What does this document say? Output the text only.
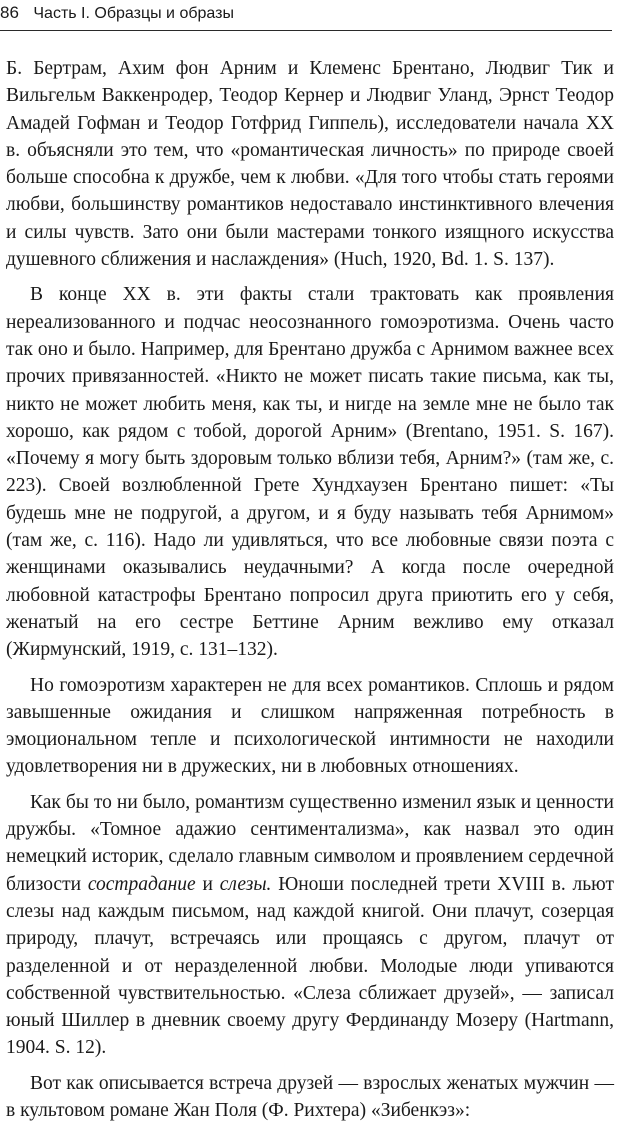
86 Часть I. Образцы и образы

Б. Бертрам, Ахим фон Арним и Клеменс Брентано, Людвиг Тик и Вильгельм Ваккенродер, Теодор Кернер и Людвиг Уланд, Эрнст Теодор Амадей Гофман и Теодор Готфрид Гиппель), исследователи начала XX в. объясняли это тем, что «романтическая личность» по природе своей больше способна к дружбе, чем к любви. «Для того чтобы стать героями любви, большинству романтиков недоставало инстинктивного влечения и силы чувств. Зато они были мастерами тонкого изящного искусства душевного сближения и наслаждения» (Huch, 1920, Bd. 1. S. 137).

В конце XX в. эти факты стали трактовать как проявления нереализованного и подчас неосознанного гомоэротизма. Очень часто так оно и было. Например, для Брентано дружба с Арнимом важнее всех прочих привязанностей. «Никто не может писать такие письма, как ты, никто не может любить меня, как ты, и нигде на земле мне не было так хорошо, как рядом с тобой, дорогой Арним» (Brentano, 1951. S. 167). «Почему я могу быть здоровым только вблизи тебя, Арним?» (там же, с. 223). Своей возлюбленной Грете Хундхаузен Брентано пишет: «Ты будешь мне не подругой, а другом, и я буду называть тебя Арнимом» (там же, с. 116). Надо ли удивляться, что все любовные связи поэта с женщинами оказывались неудачными? А когда после очередной любовной катастрофы Брентано попросил друга приютить его у себя, женатый на его сестре Беттине Арним вежливо ему отказал (Жирмунский, 1919, с. 131–132).

Но гомоэротизм характерен не для всех романтиков. Сплошь и рядом завышенные ожидания и слишком напряженная потребность в эмоциональном тепле и психологической интимности не находили удовлетворения ни в дружеских, ни в любовных отношениях.

Как бы то ни было, романтизм существенно изменил язык и ценности дружбы. «Томное адажио сентиментализма», как назвал это один немецкий историк, сделало главным символом и проявлением сердечной близости сострадание и слезы. Юноши последней трети XVIII в. льют слезы над каждым письмом, над каждой книгой. Они плачут, созерцая природу, плачут, встречаясь или прощаясь с другом, плачут от разделенной и от неразделенной любви. Молодые люди упиваются собственной чувствительностью. «Слеза сближает друзей», — записал юный Шиллер в дневник своему другу Фердинанду Мозеру (Hartmann, 1904. S. 12).

Вот как описывается встреча друзей — взрослых женатых мужчин — в культовом романе Жан Поля (Ф. Рихтера) «Зибенкэз»:
